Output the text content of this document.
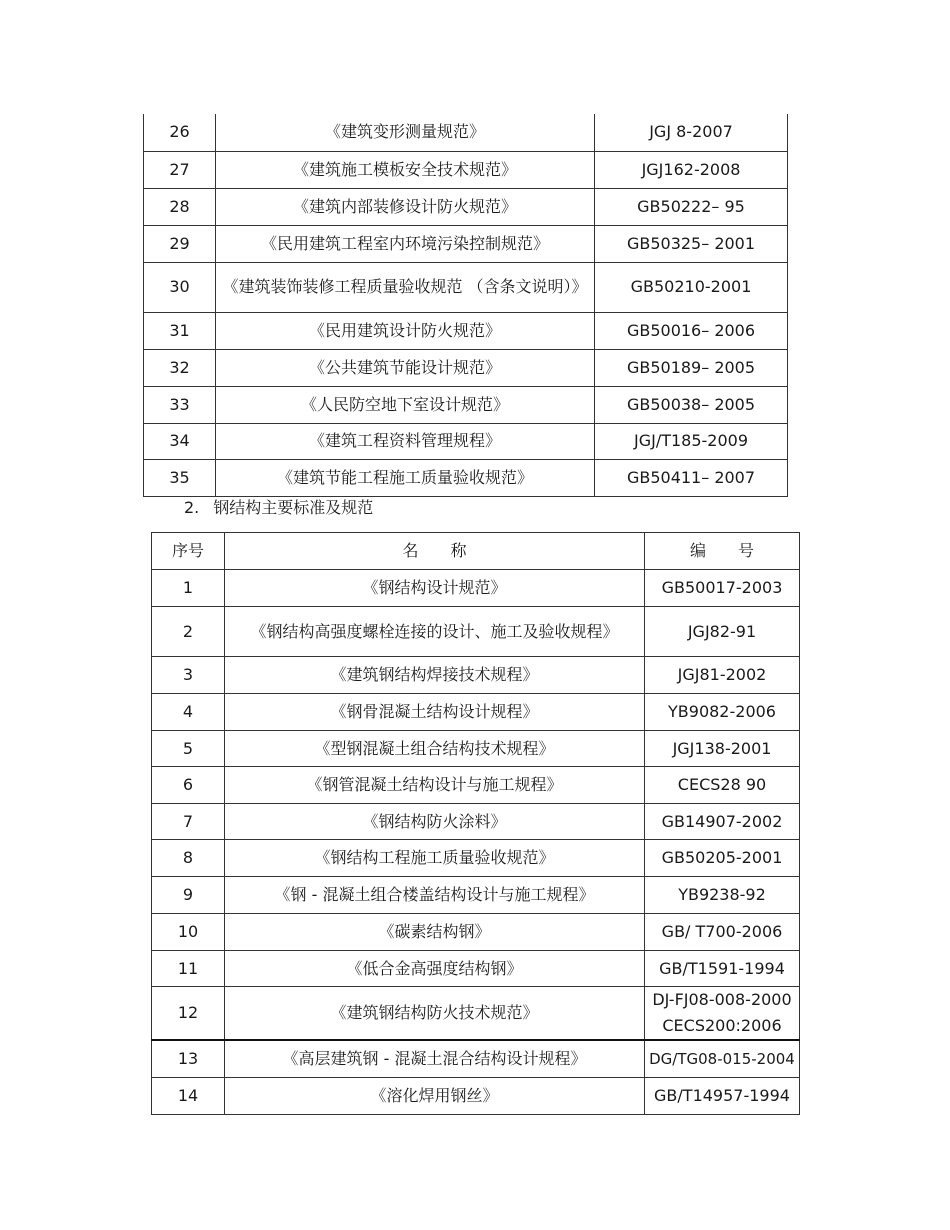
26	《建筑变形测量规范》	JGJ 8-2007
27	《建筑施工模板安全技术规范》	JGJ162-2008
28	《建筑内部装修设计防火规范》	GB50222– 95
29	《民用建筑工程室内环境污染控制规范》	GB50325– 2001
30	《建筑装饰装修工程质量验收规范 （含条文说明）》	GB50210-2001
31	《民用建筑设计防火规范》	GB50016– 2006
32	《公共建筑节能设计规范》	GB50189– 2005
33	《人民防空地下室设计规范》	GB50038– 2005
34	《建筑工程资料管理规程》	JGJ/T185-2009
35	《建筑节能工程施工质量验收规范》	GB50411– 2007
2. 钢结构主要标准及规范
序号	名　　称	编　　号
1	《钢结构设计规范》	GB50017-2003
2	《钢结构高强度螺栓连接的设计、施工及验收规程》	JGJ82-91
3	《建筑钢结构焊接技术规程》	JGJ81-2002
4	《钢骨混凝土结构设计规程》	YB9082-2006
5	《型钢混凝土组合结构技术规程》	JGJ138-2001
6	《钢管混凝土结构设计与施工规程》	CECS28 90
7	《钢结构防火涂料》	GB14907-2002
8	《钢结构工程施工质量验收规范》	GB50205-2001
9	《钢 - 混凝土组合楼盖结构设计与施工规程》	YB9238-92
10	《碳素结构钢》	GB∕ T700-2006
11	《低合金高强度结构钢》	GB/T1591-1994
12	《建筑钢结构防火技术规范》	DJ-FJ08-008-2000
CECS200:2006

13	《高层建筑钢 - 混凝土混合结构设计规程》	DG/TG08-015-2004
14	《溶化焊用钢丝》	GB/T14957-1994
